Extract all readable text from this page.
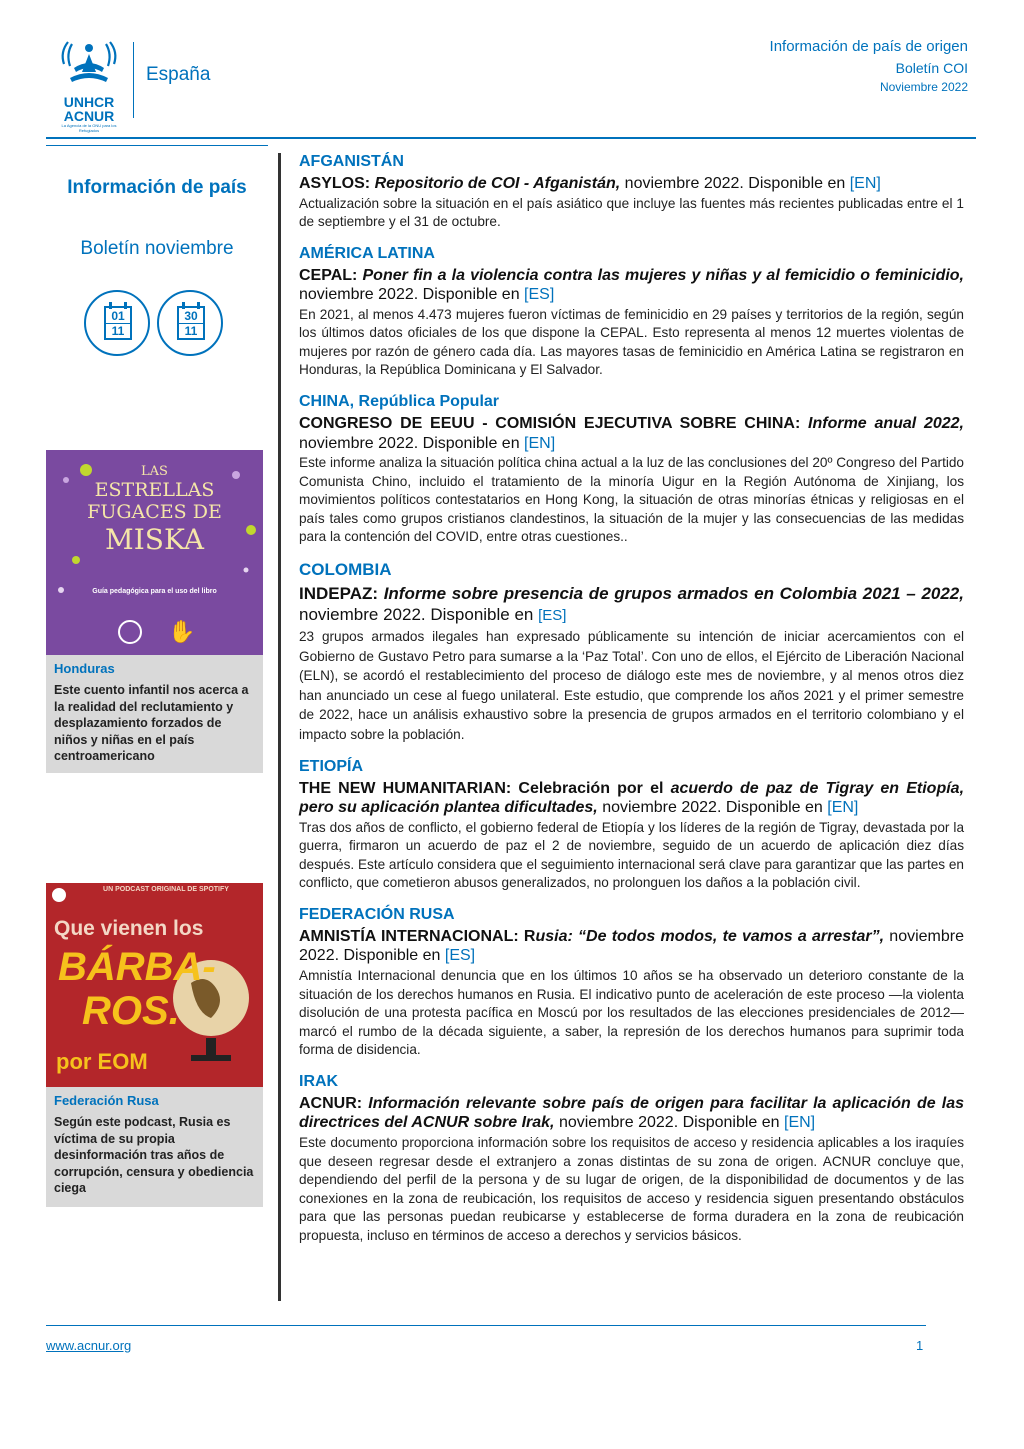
UNHCR
ACNUR
La Agencia de la ONU para los Refugiados
España
Información de país de origen
Boletín COI
Noviembre 2022
Información de país
Boletín noviembre
01
11
30
11
LAS
ESTRELLAS
FUGACES DE
MISKA
Guía pedagógica para el uso del libro
✋
Honduras
Este cuento infantil nos acerca a la realidad del reclutamiento y desplazamiento forzados de niños y niñas en el país centroamericano
UN PODCAST ORIGINAL DE SPOTIFY
Que vienen los
BÁRBA-
ROS.
por EOM
Federación Rusa
Según este podcast, Rusia es víctima de su propia desinformación tras años de corrupción, censura y obediencia ciega
AFGANISTÁN
ASYLOS: Repositorio de COI - Afganistán, noviembre 2022. Disponible en [EN]
Actualización sobre la situación en el país asiático que incluye las fuentes más recientes publicadas entre el 1 de septiembre y el 31 de octubre.
AMÉRICA LATINA
CEPAL: Poner fin a la violencia contra las mujeres y niñas y al femicidio o feminicidio, noviembre 2022. Disponible en [ES]
En 2021, al menos 4.473 mujeres fueron víctimas de feminicidio en 29 países y territorios de la región, según los últimos datos oficiales de los que dispone la CEPAL. Esto representa al menos 12 muertes violentas de mujeres por razón de género cada día. Las mayores tasas de feminicidio en América Latina se registraron en Honduras, la República Dominicana y El Salvador.
CHINA, República Popular
CONGRESO DE EEUU - COMISIÓN EJECUTIVA SOBRE CHINA: Informe anual 2022, noviembre 2022. Disponible en [EN]
Este informe analiza la situación política china actual a la luz de las conclusiones del 20º Congreso del Partido Comunista Chino, incluido el tratamiento de la minoría Uigur en la Región Autónoma de Xinjiang, los movimientos políticos contestatarios en Hong Kong, la situación de otras minorías étnicas y religiosas en el país tales como grupos cristianos clandestinos, la situación de la mujer y las consecuencias de las medidas para la contención del COVID, entre otras cuestiones..
COLOMBIA
INDEPAZ: Informe sobre presencia de grupos armados en Colombia 2021 – 2022, noviembre 2022. Disponible en [ES]
23 grupos armados ilegales han expresado públicamente su intención de iniciar acercamientos con el Gobierno de Gustavo Petro para sumarse a la ‘Paz Total’. Con uno de ellos, el Ejército de Liberación Nacional (ELN), se acordó el restablecimiento del proceso de diálogo este mes de noviembre, y al menos otros diez han anunciado un cese al fuego unilateral. Este estudio, que comprende los años 2021 y el primer semestre de 2022, hace un análisis exhaustivo sobre la presencia de grupos armados en el territorio colombiano y el impacto sobre la población.
ETIOPÍA
THE NEW HUMANITARIAN: Celebración por el acuerdo de paz de Tigray en Etiopía, pero su aplicación plantea dificultades, noviembre 2022. Disponible en [EN]
Tras dos años de conflicto, el gobierno federal de Etiopía y los líderes de la región de Tigray, devastada por la guerra, firmaron un acuerdo de paz el 2 de noviembre, seguido de un acuerdo de aplicación diez días después. Este artículo considera que el seguimiento internacional será clave para garantizar que las partes en conflicto, que cometieron abusos generalizados, no prolonguen los daños a la población civil.
FEDERACIÓN RUSA
AMNISTÍA INTERNACIONAL: Rusia: “De todos modos, te vamos a arrestar”, noviembre 2022. Disponible en [ES]
Amnistía Internacional denuncia que en los últimos 10 años se ha observado un deterioro constante de la situación de los derechos humanos en Rusia. El indicativo punto de aceleración de este proceso —la violenta disolución de una protesta pacífica en Moscú por los resultados de las elecciones presidenciales de 2012— marcó el rumbo de la década siguiente, a saber, la represión de los derechos humanos para suprimir toda forma de disidencia.
IRAK
ACNUR: Información relevante sobre país de origen para facilitar la aplicación de las directrices del ACNUR sobre Irak, noviembre 2022. Disponible en [EN]
Este documento proporciona información sobre los requisitos de acceso y residencia aplicables a los iraquíes que deseen regresar desde el extranjero a zonas distintas de su zona de origen. ACNUR concluye que, dependiendo del perfil de la persona y de su lugar de origen, de la disponibilidad de documentos y de las conexiones en la zona de reubicación, los requisitos de acceso y residencia siguen presentando obstáculos para que las personas puedan reubicarse y establecerse de forma duradera en la zona de reubicación propuesta, incluso en términos de acceso a derechos y servicios básicos.
www.acnur.org	1
